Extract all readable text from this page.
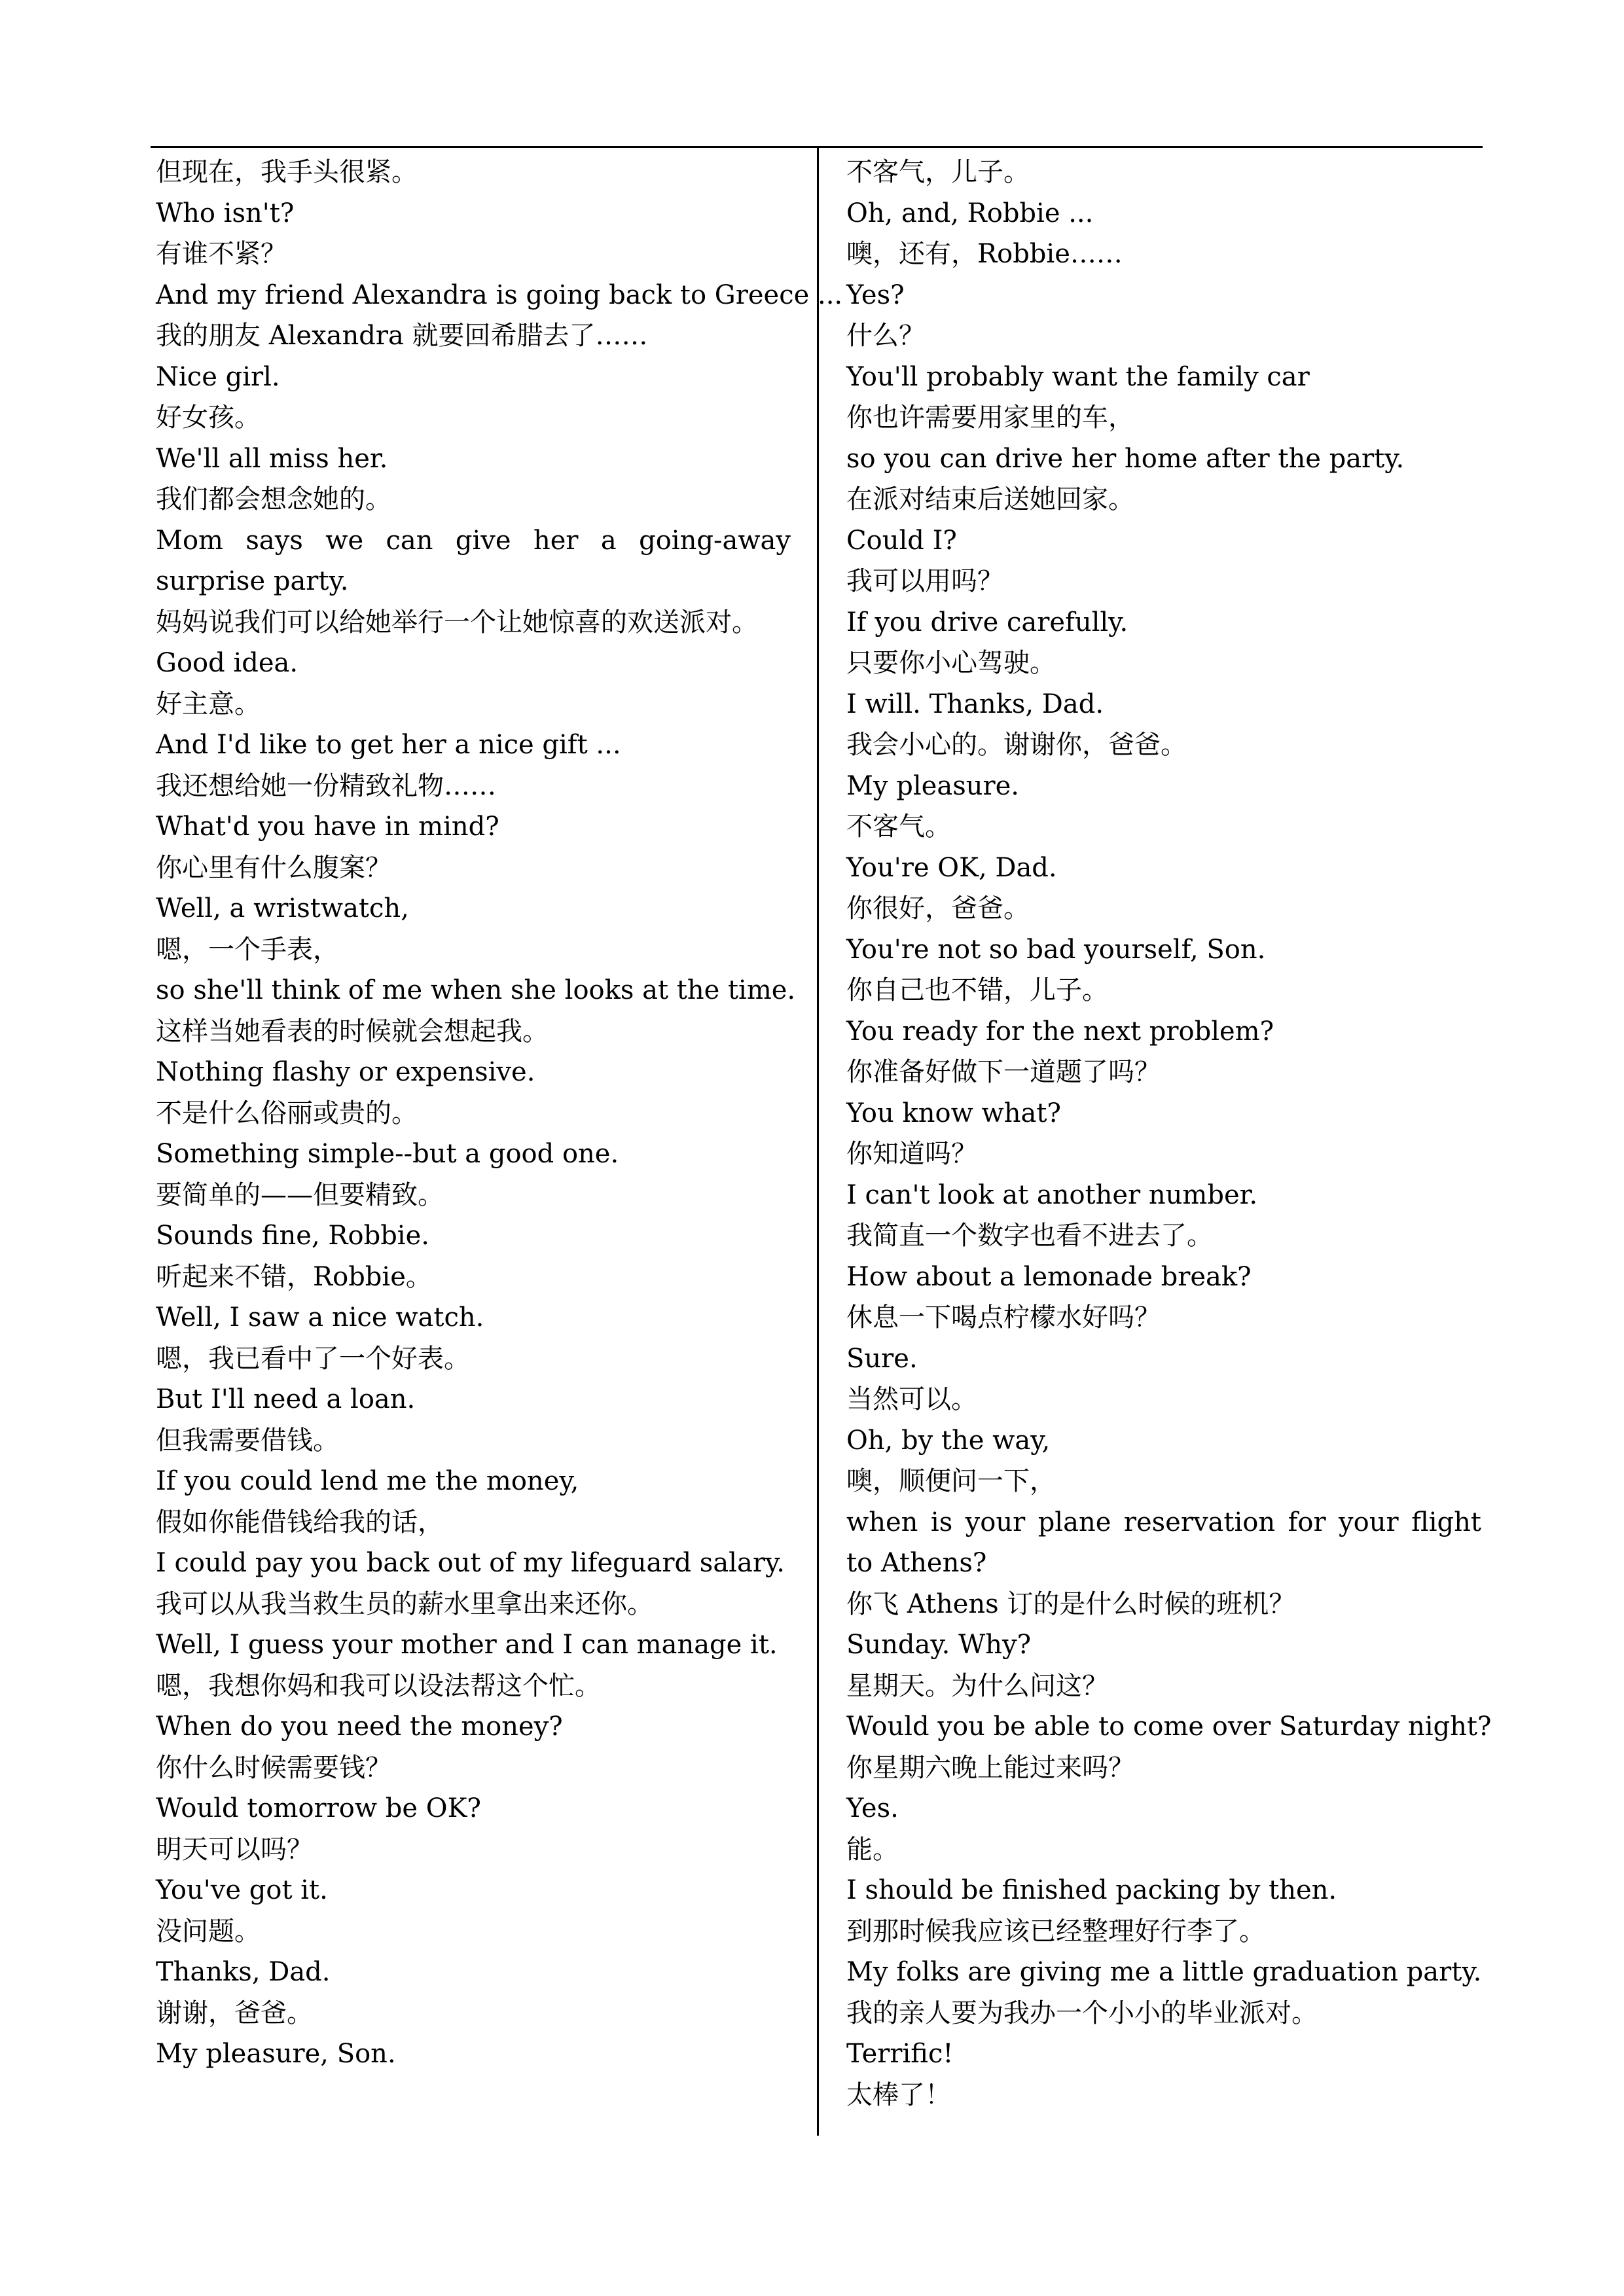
但现在，我手头很紧。

Who isn't?

有谁不紧？

And my friend Alexandra is going back to Greece ...

我的朋友 Alexandra 就要回希腊去了……

Nice girl.

好女孩。

We'll all miss her.

我们都会想念她的。

Mom says we can give her a going-away surprise party.

妈妈说我们可以给她举行一个让她惊喜的欢送派对。

Good idea.

好主意。

And I'd like to get her a nice gift ...

我还想给她一份精致礼物……

What'd you have in mind?

你心里有什么腹案？

Well, a wristwatch,

嗯，一个手表，

so she'll think of me when she looks at the time.

这样当她看表的时候就会想起我。

Nothing flashy or expensive.

不是什么俗丽或贵的。

Something simple--but a good one.

要简单的——但要精致。

Sounds fine, Robbie.

听起来不错，Robbie。

Well, I saw a nice watch.

嗯，我已看中了一个好表。

But I'll need a loan.

但我需要借钱。

If you could lend me the money,

假如你能借钱给我的话，

I could pay you back out of my lifeguard salary.

我可以从我当救生员的薪水里拿出来还你。

Well, I guess your mother and I can manage it.

嗯，我想你妈和我可以设法帮这个忙。

When do you need the money?

你什么时候需要钱？

Would tomorrow be OK?

明天可以吗？

You've got it.

没问题。

Thanks, Dad.

谢谢，爸爸。

My pleasure, Son.

不客气，儿子。

Oh, and, Robbie ...

噢，还有，Robbie……

Yes?

什么？

You'll probably want the family car

你也许需要用家里的车，

so you can drive her home after the party.

在派对结束后送她回家。

Could I?

我可以用吗？

If you drive carefully.

只要你小心驾驶。

I will. Thanks, Dad.

我会小心的。谢谢你，爸爸。

My pleasure.

不客气。

You're OK, Dad.

你很好，爸爸。

You're not so bad yourself, Son.

你自己也不错，儿子。

You ready for the next problem?

你准备好做下一道题了吗？

You know what?

你知道吗？

I can't look at another number.

我简直一个数字也看不进去了。

How about a lemonade break?

休息一下喝点柠檬水好吗？

Sure.

当然可以。

Oh, by the way,

噢，顺便问一下，

when is your plane reservation for your flight to Athens?

你飞 Athens 订的是什么时候的班机？

Sunday. Why?

星期天。为什么问这？

Would you be able to come over Saturday night?

你星期六晚上能过来吗？

Yes.

能。

I should be finished packing by then.

到那时候我应该已经整理好行李了。

My folks are giving me a little graduation party.

我的亲人要为我办一个小小的毕业派对。

Terrific!

太棒了！
